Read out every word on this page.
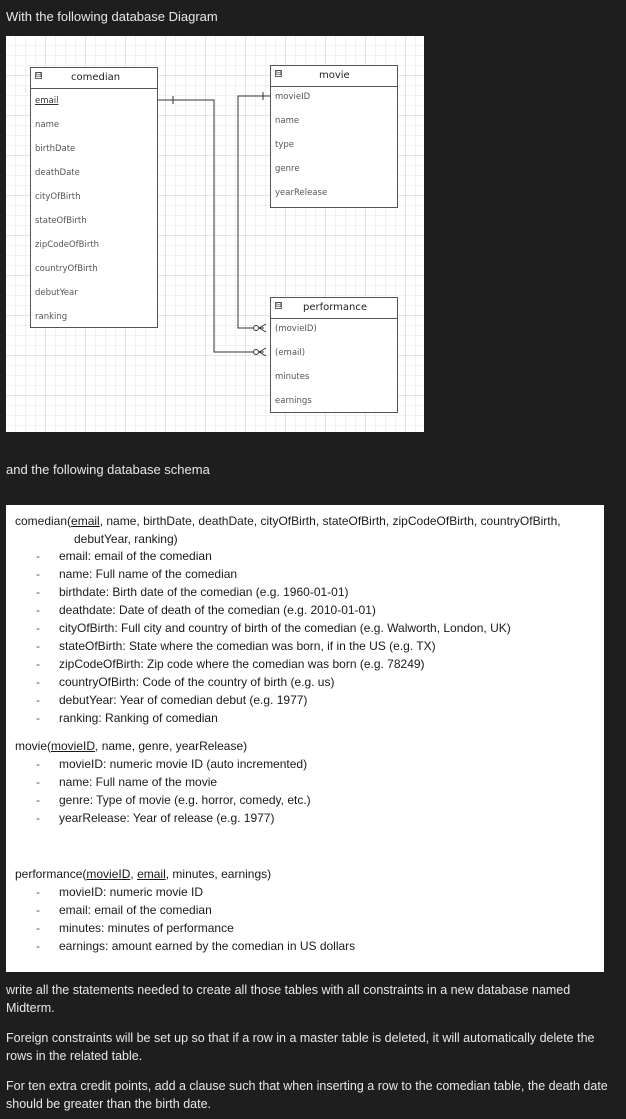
With the following database Diagram
⊟	comedian
email
name
birthDate
deathDate
cityOfBirth
stateOfBirth
zipCodeOfBirth
countryOfBirth
debutYear
ranking
⊟	movie
movieID
name
type
genre
yearRelease
⊟ performance
(movieID)
(email)
minutes
earnings
and the following database schema
comedian(email, name, birthDate, deathDate, cityOfBirth, stateOfBirth, zipCodeOfBirth, countryOfBirth,
debutYear, ranking)
- email: email of the comedian
- name: Full name of the comedian
- birthdate: Birth date of the comedian (e.g. 1960-01-01)
- deathdate: Date of death of the comedian (e.g. 2010-01-01)
- cityOfBirth: Full city and country of birth of the comedian (e.g. Walworth, London, UK)
- stateOfBirth: State where the comedian was born, if in the US (e.g. TX)
- zipCodeOfBirth: Zip code where the comedian was born (e.g. 78249)
- countryOfBirth: Code of the country of birth (e.g. us)
- debutYear: Year of comedian debut (e.g. 1977)
- ranking: Ranking of comedian
movie(movieID, name, genre, yearRelease)
- movieID: numeric movie ID (auto incremented)
- name: Full name of the movie
- genre: Type of movie (e.g. horror, comedy, etc.)
- yearRelease: Year of release (e.g. 1977)
performance(movieID, email, minutes, earnings)
- movieID: numeric movie ID
- email: email of the comedian
- minutes: minutes of performance
- earnings: amount earned by the comedian in US dollars
write all the statements needed to create all those tables with all constraints in a new database named Midterm.
Foreign constraints will be set up so that if a row in a master table is deleted, it will automatically delete the rows in the related table.
For ten extra credit points, add a clause such that when inserting a row to the comedian table, the death date should be greater than the birth date.
